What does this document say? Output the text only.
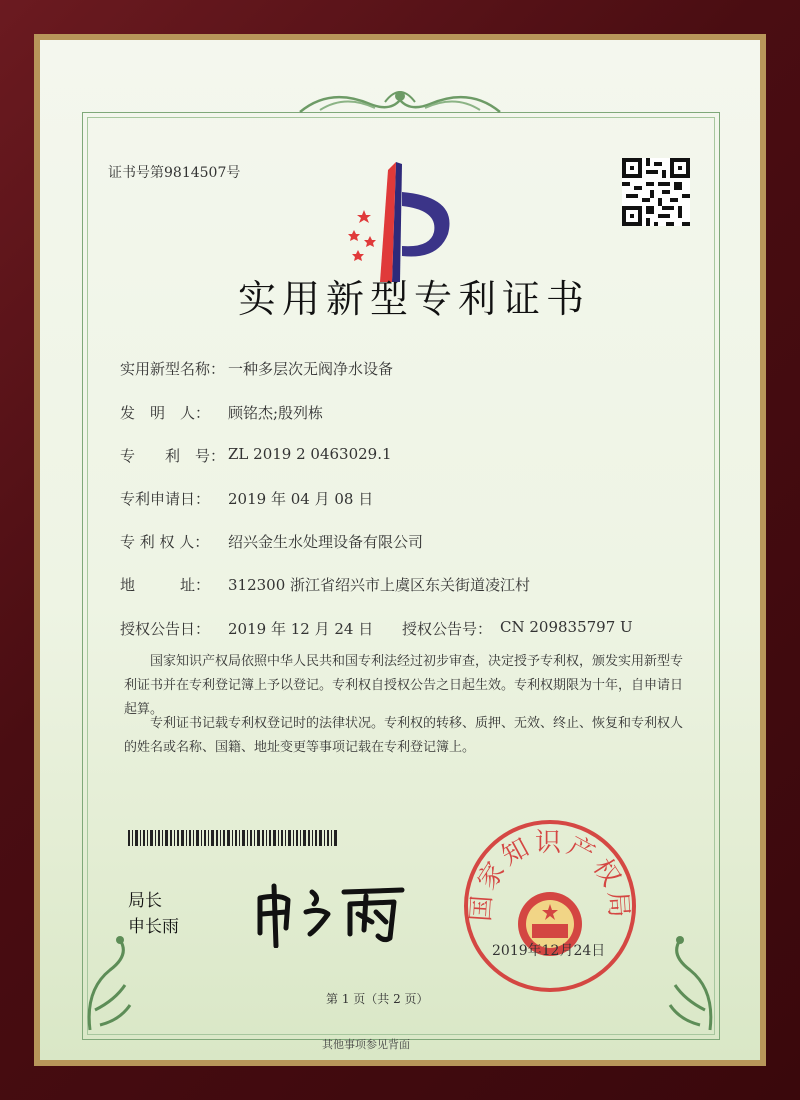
证书号第9814507号
实用新型专利证书
实用新型名称： 一种多层次无阀净水设备
发　明　人： 顾铭杰;殷列栋
专　　利　号： ZL 2019 2 0463029.1
专利申请日： 2019 年 04 月 08 日
专 利 权 人： 绍兴金生水处理设备有限公司
地　　　址： 312300 浙江省绍兴市上虞区东关街道凌江村
授权公告日： 2019 年 12 月 24 日 授权公告号： CN 209835797 U
国家知识产权局依照中华人民共和国专利法经过初步审查，决定授予专利权，颁发实用新型专利证书并在专利登记簿上予以登记。专利权自授权公告之日起生效。专利权期限为十年，自申请日起算。
专利证书记载专利权登记时的法律状况。专利权的转移、质押、无效、终止、恢复和专利权人的姓名或名称、国籍、地址变更等事项记载在专利登记簿上。
局长
申长雨
国家知识产权局
2019年12月24日
第 1 页（共 2 页）
其他事项参见背面
